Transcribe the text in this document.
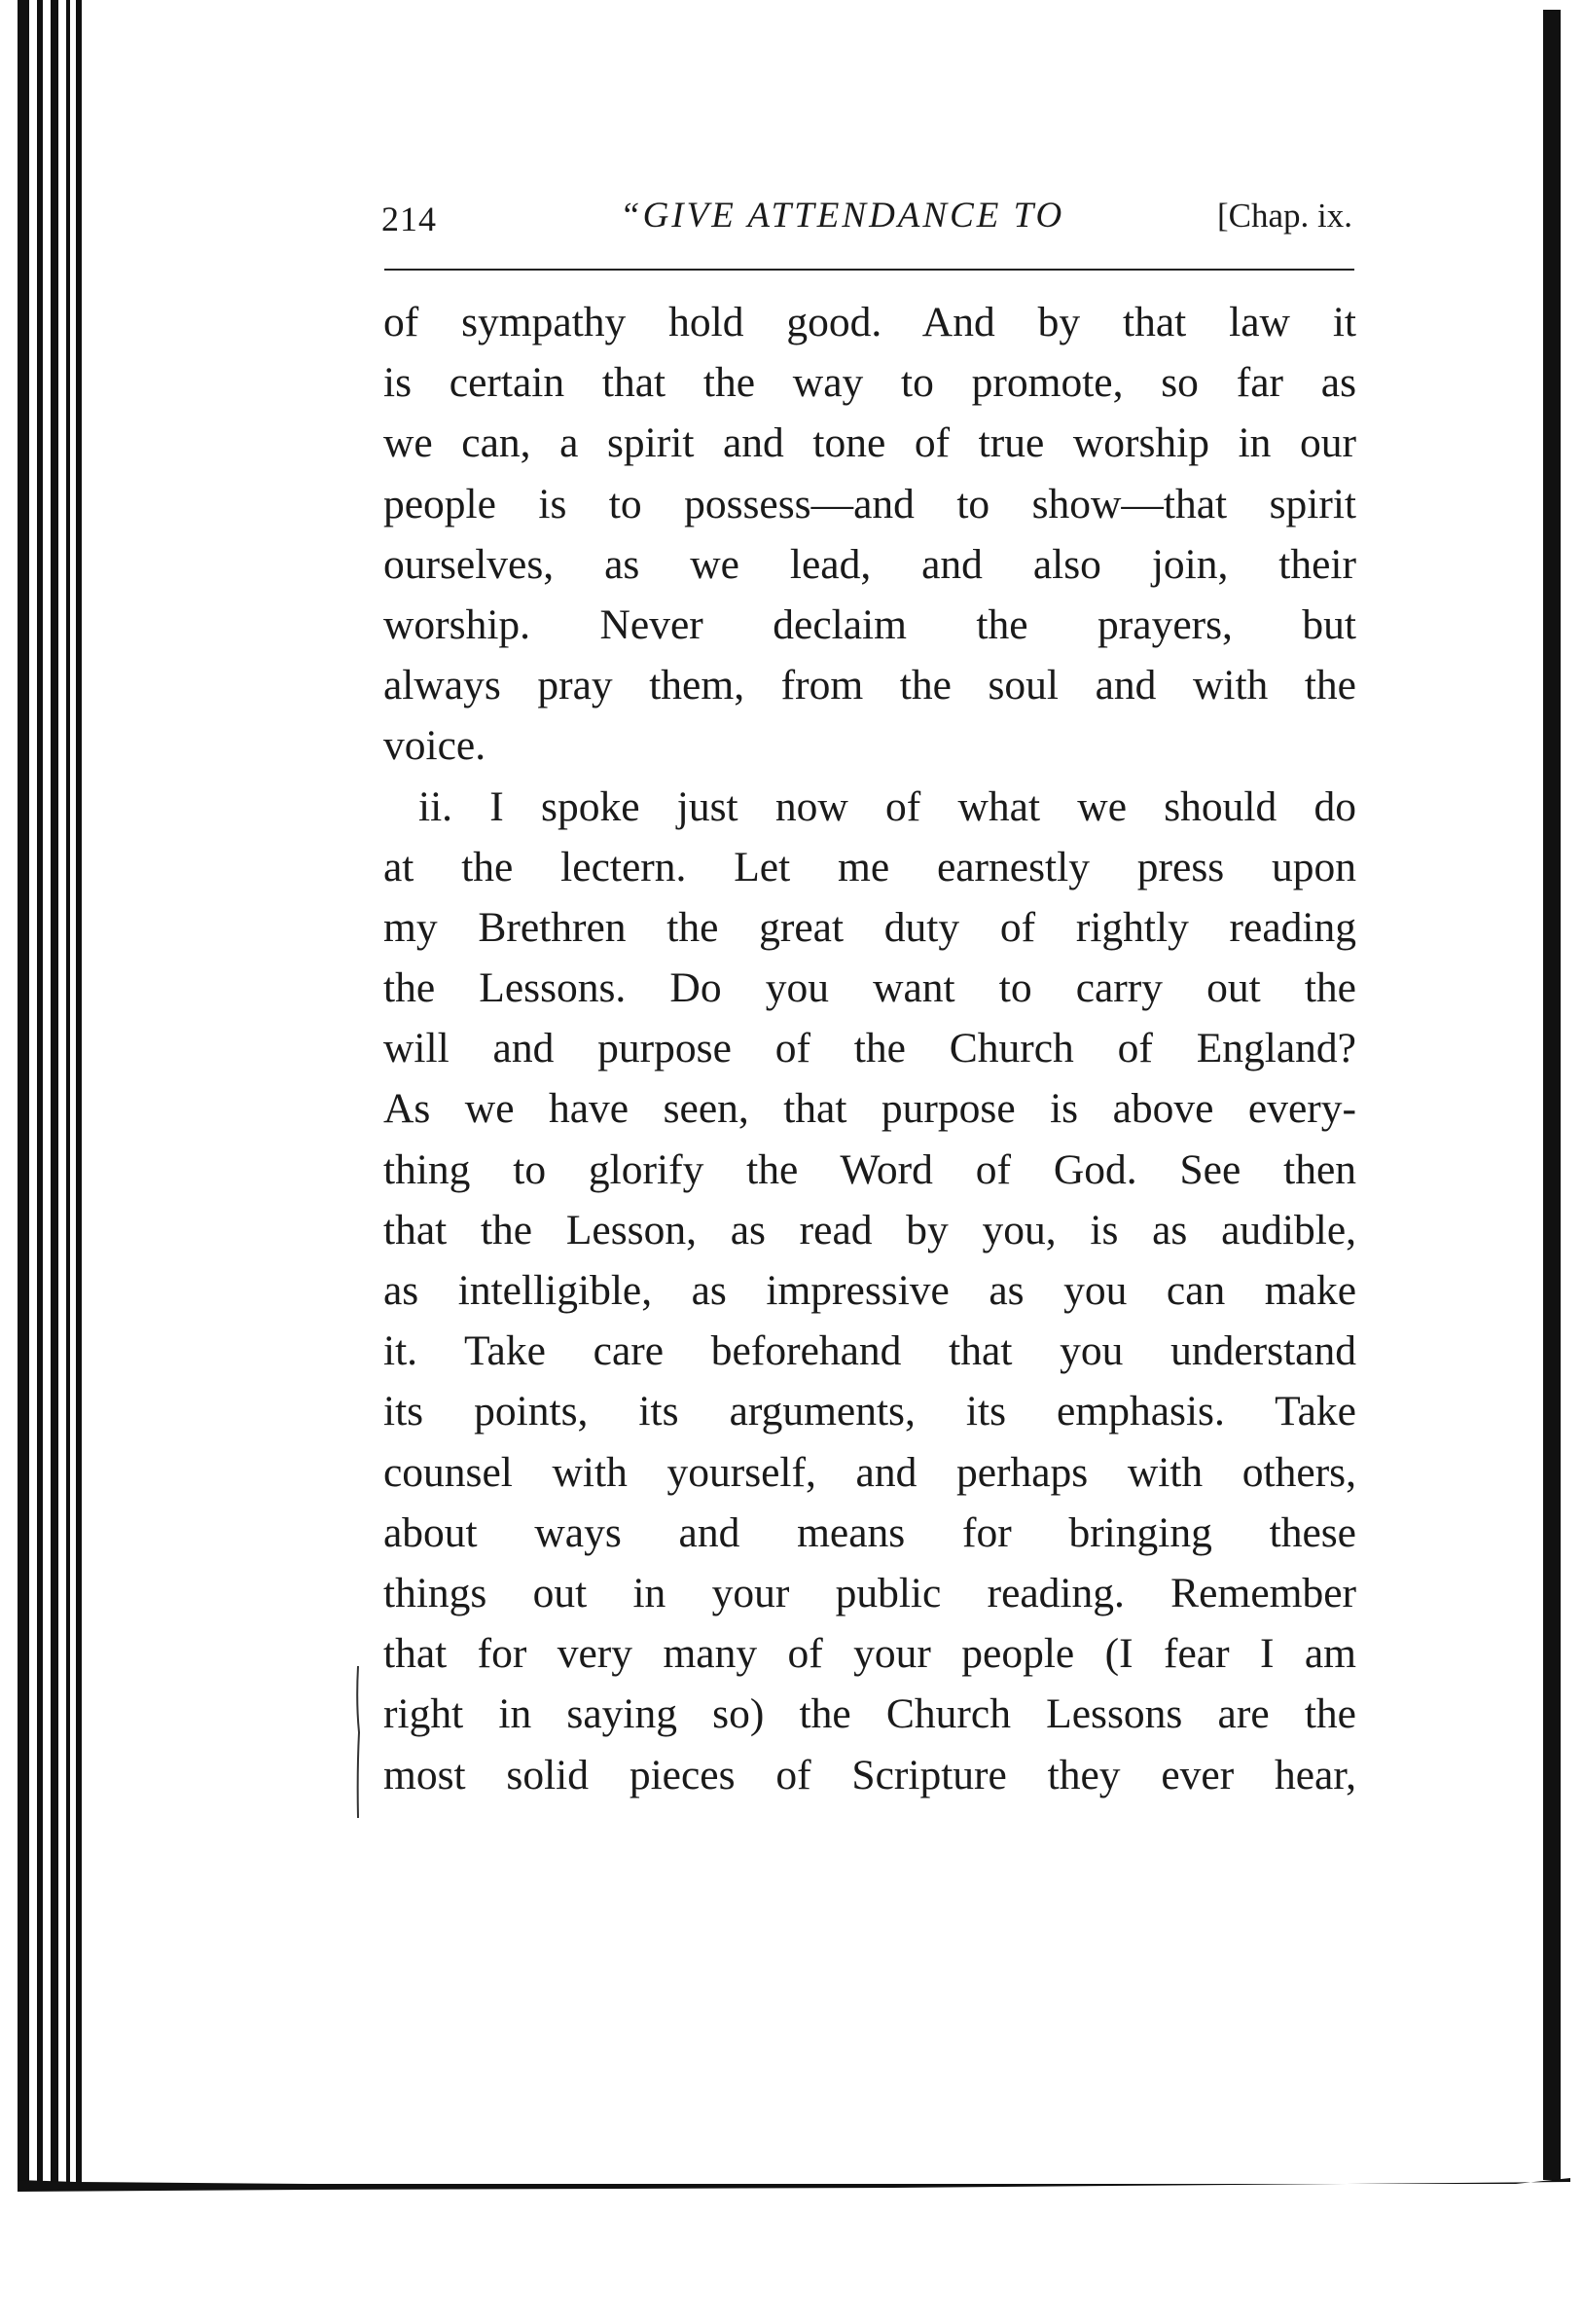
214	“GIVE ATTENDANCE TO	[Chap. ix.
of sympathy hold good. And by that law it
is certain that the way to promote, so far as
we can, a spirit and tone of true worship in our
people is to possess—and to show—that spirit
ourselves, as we lead, and also join, their
worship. Never declaim the prayers, but
always pray them, from the soul and with the
voice.
ii. I spoke just now of what we should do
at the lectern. Let me earnestly press upon
my Brethren the great duty of rightly reading
the Lessons. Do you want to carry out the
will and purpose of the Church of England?
As we have seen, that purpose is above every-
thing to glorify the Word of God. See then
that the Lesson, as read by you, is as audible,
as intelligible, as impressive as you can make
it. Take care beforehand that you understand
its points, its arguments, its emphasis. Take
counsel with yourself, and perhaps with others,
about ways and means for bringing these
things out in your public reading. Remember
that for very many of your people (I fear I am
right in saying so) the Church Lessons are the
most solid pieces of Scripture they ever hear,
